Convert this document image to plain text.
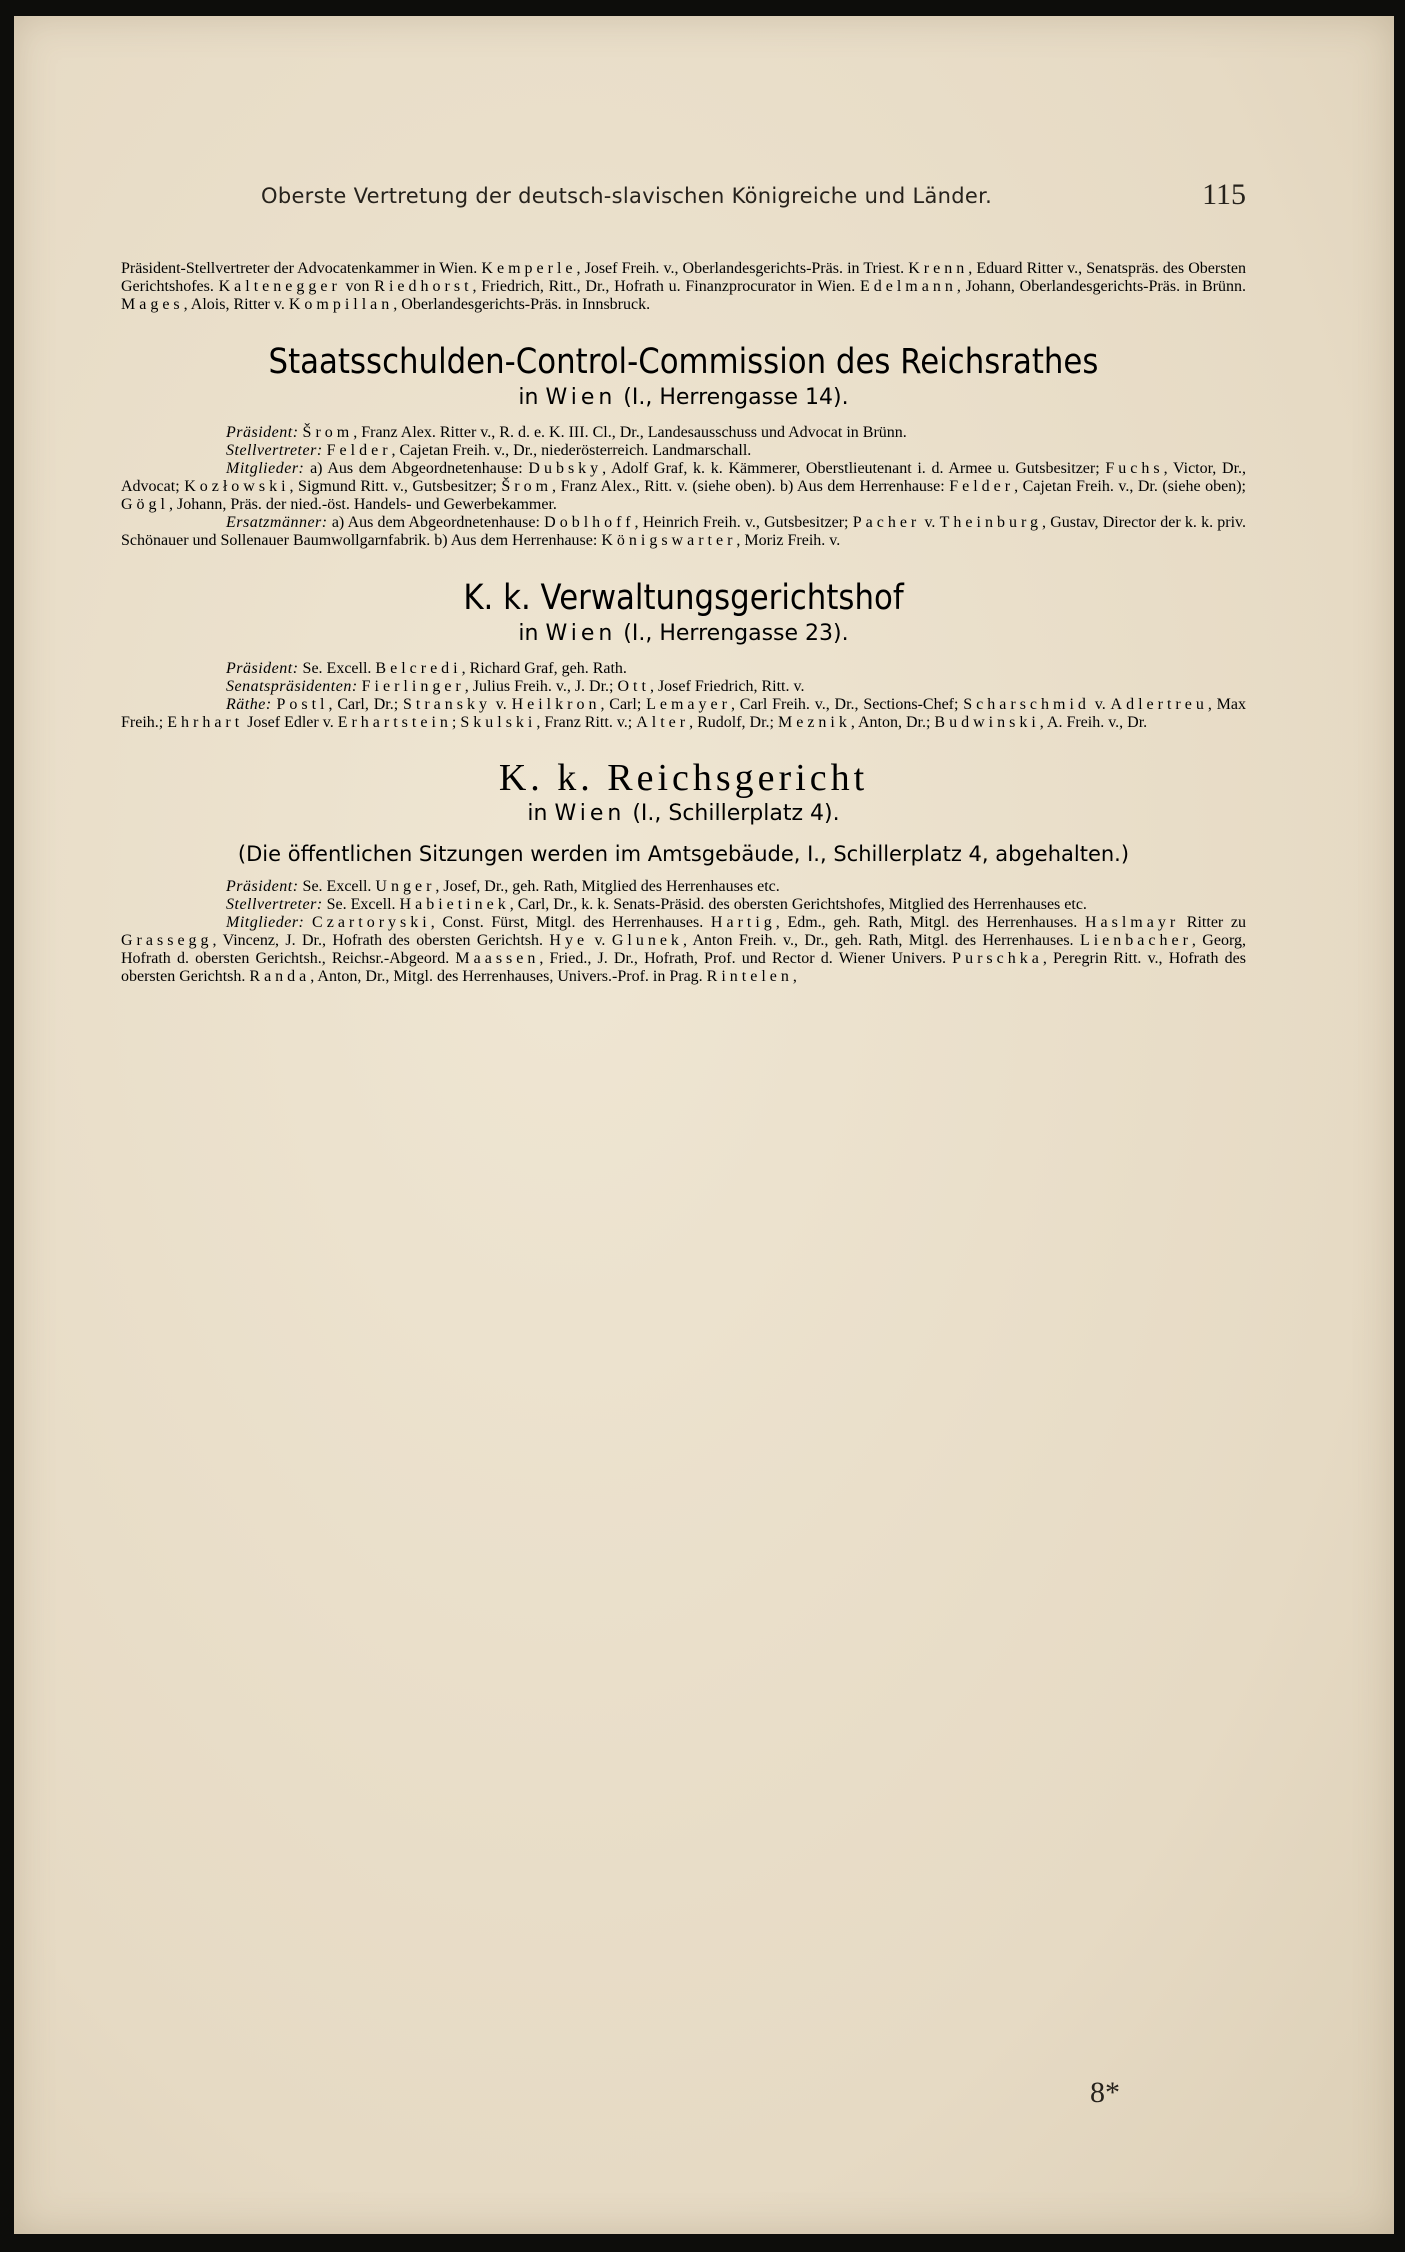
Oberste Vertretung der deutsch-slavischen Königreiche und Länder.	115

Präsident-Stellvertreter der Advocatenkammer in Wien. Kemperle, Josef Freih. v., Oberlandesgerichts-Präs. in Triest. Krenn, Eduard Ritter v., Senatspräs. des Obersten Gerichtshofes. Kaltenegger von Riedhorst, Friedrich, Ritt., Dr., Hofrath u. Finanzprocurator in Wien. Edelmann, Johann, Oberlandesgerichts-Präs. in Brünn. Mages, Alois, Ritter v. Kompillan, Oberlandesgerichts-Präs. in Innsbruck.

Staatsschulden-Control-Commission des Reichsrathes
in Wien (I., Herrengasse 14).

Präsident: Šrom, Franz Alex. Ritter v., R. d. e. K. III. Cl., Dr., Landesausschuss und Advocat in Brünn.

Stellvertreter: Felder, Cajetan Freih. v., Dr., niederösterreich. Landmarschall.

Mitglieder: a) Aus dem Abgeordnetenhause: Dubsky, Adolf Graf, k. k. Kämmerer, Oberstlieutenant i. d. Armee u. Gutsbesitzer; Fuchs, Victor, Dr., Advocat; Kozłowski, Sigmund Ritt. v., Gutsbesitzer; Šrom, Franz Alex., Ritt. v. (siehe oben). b) Aus dem Herrenhause: Felder, Cajetan Freih. v., Dr. (siehe oben); Gögl, Johann, Präs. der nied.-öst. Handels- und Gewerbekammer.

Ersatzmänner: a) Aus dem Abgeordnetenhause: Doblhoff, Heinrich Freih. v., Gutsbesitzer; Pacher v. Theinburg, Gustav, Director der k. k. priv. Schönauer und Sollenauer Baumwollgarnfabrik. b) Aus dem Herrenhause: Königswarter, Moriz Freih. v.

K. k. Verwaltungsgerichtshof
in Wien (I., Herrengasse 23).

Präsident: Se. Excell. Belcredi, Richard Graf, geh. Rath.

Senatspräsidenten: Fierlinger, Julius Freih. v., J. Dr.; Ott, Josef Friedrich, Ritt. v.

Räthe: Postl, Carl, Dr.; Stransky v. Heilkron, Carl; Lemayer, Carl Freih. v., Dr., Sections-Chef; Scharschmid v. Adlertreu, Max Freih.; Ehrhart Josef Edler v. Erhartstein; Skulski, Franz Ritt. v.; Alter, Rudolf, Dr.; Meznik, Anton, Dr.; Budwinski, A. Freih. v., Dr.

K. k. Reichsgericht
in Wien (I., Schillerplatz 4).
(Die öffentlichen Sitzungen werden im Amtsgebäude, I., Schillerplatz 4, abgehalten.)

Präsident: Se. Excell. Unger, Josef, Dr., geh. Rath, Mitglied des Herrenhauses etc.

Stellvertreter: Se. Excell. Habietinek, Carl, Dr., k. k. Senats-Präsid. des obersten Gerichtshofes, Mitglied des Herrenhauses etc.

Mitglieder: Czartoryski, Const. Fürst, Mitgl. des Herrenhauses. Hartig, Edm., geh. Rath, Mitgl. des Herrenhauses. Haslmayr Ritter zu Grassegg, Vincenz, J. Dr., Hofrath des obersten Gerichtsh. Hye v. Glunek, Anton Freih. v., Dr., geh. Rath, Mitgl. des Herrenhauses. Lienbacher, Georg, Hofrath d. obersten Gerichtsh., Reichsr.-Abgeord. Maassen, Fried., J. Dr., Hofrath, Prof. und Rector d. Wiener Univers. Purschka, Peregrin Ritt. v., Hofrath des obersten Gerichtsh. Randa, Anton, Dr., Mitgl. des Herrenhauses, Univers.-Prof. in Prag. Rintelen,

8*
